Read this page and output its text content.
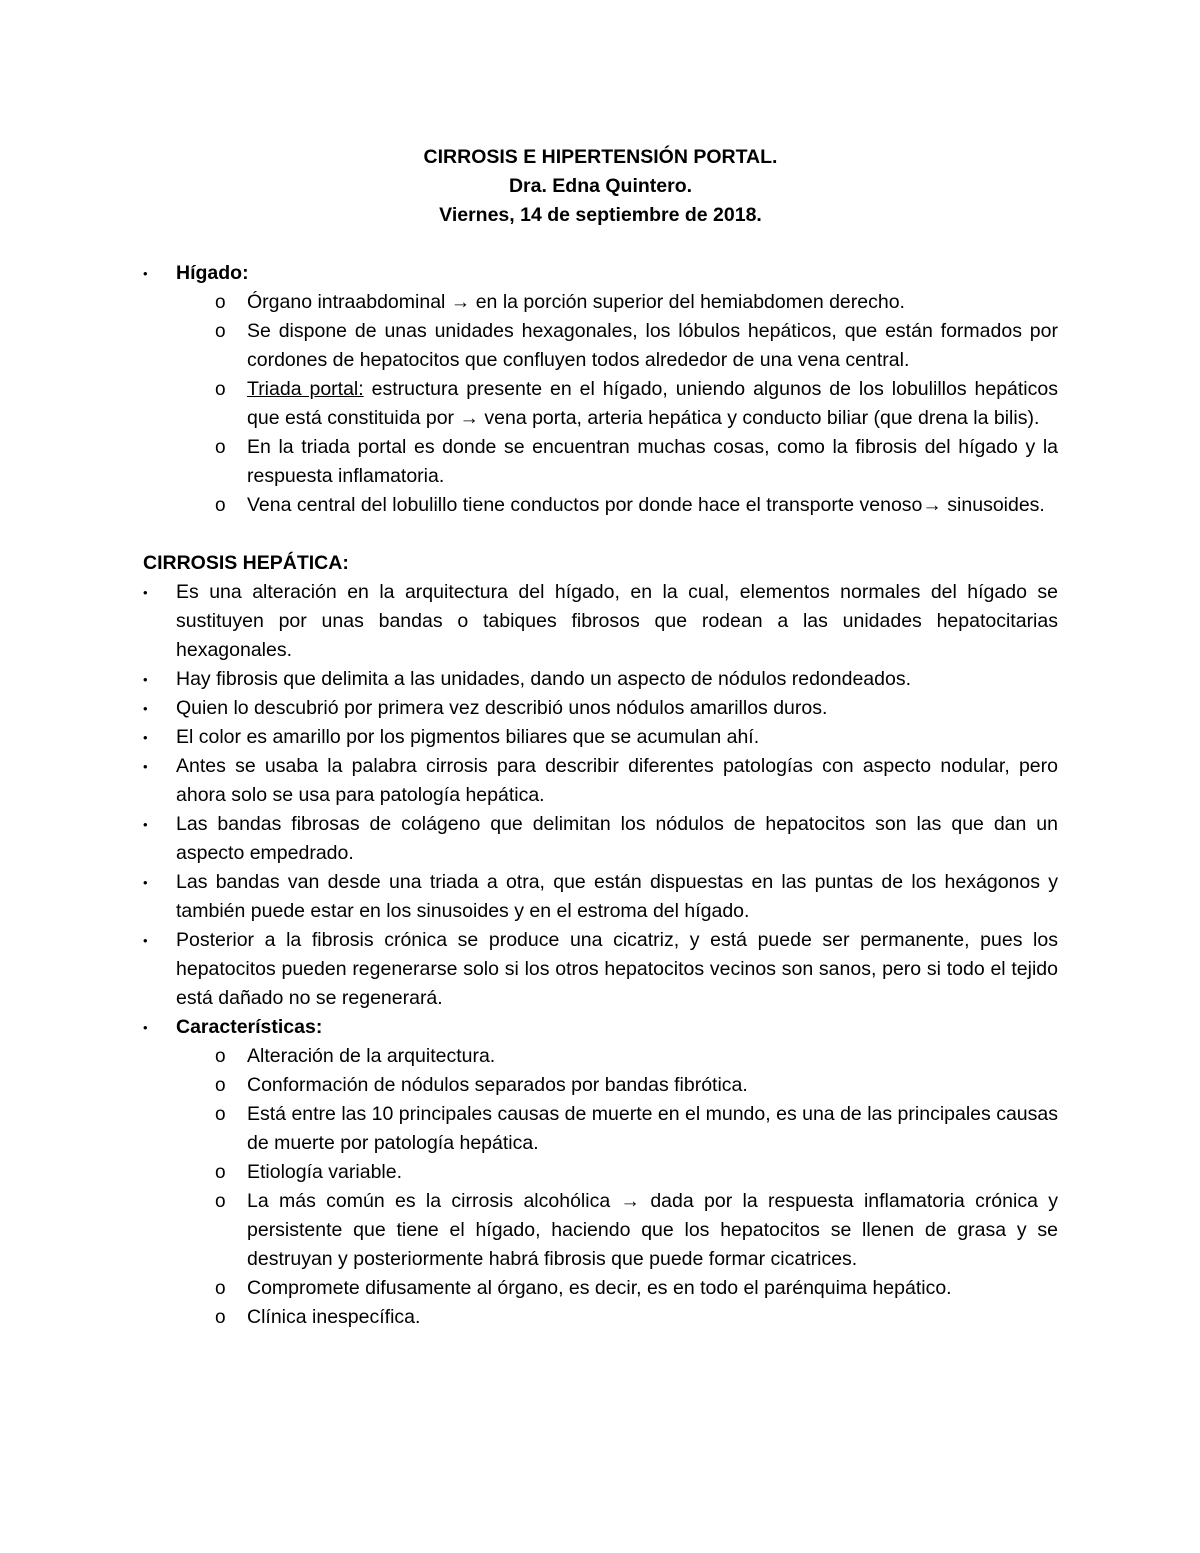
CIRROSIS E HIPERTENSIÓN PORTAL.
Dra. Edna Quintero.
Viernes, 14 de septiembre de 2018.
•	Hígado:
o	Órgano intraabdominal → en la porción superior del hemiabdomen derecho.
o	Se dispone de unas unidades hexagonales, los lóbulos hepáticos, que están formados por cordones de hepatocitos que confluyen todos alrededor de una vena central.
o	Triada portal: estructura presente en el hígado, uniendo algunos de los lobulillos hepáticos que está constituida por → vena porta, arteria hepática y conducto biliar (que drena la bilis).
o	En la triada portal es donde se encuentran muchas cosas, como la fibrosis del hígado y la respuesta inflamatoria.
o	Vena central del lobulillo tiene conductos por donde hace el transporte venoso→ sinusoides.
CIRROSIS HEPÁTICA:
•	Es una alteración en la arquitectura del hígado, en la cual, elementos normales del hígado se sustituyen por unas bandas o tabiques fibrosos que rodean a las unidades hepatocitarias hexagonales.
•	Hay fibrosis que delimita a las unidades, dando un aspecto de nódulos redondeados.
•	Quien lo descubrió por primera vez describió unos nódulos amarillos duros.
•	El color es amarillo por los pigmentos biliares que se acumulan ahí.
•	Antes se usaba la palabra cirrosis para describir diferentes patologías con aspecto nodular, pero ahora solo se usa para patología hepática.
•	Las bandas fibrosas de colágeno que delimitan los nódulos de hepatocitos son las que dan un aspecto empedrado.
•	Las bandas van desde una triada a otra, que están dispuestas en las puntas de los hexágonos y también puede estar en los sinusoides y en el estroma del hígado.
•	Posterior a la fibrosis crónica se produce una cicatriz, y está puede ser permanente, pues los hepatocitos pueden regenerarse solo si los otros hepatocitos vecinos son sanos, pero si todo el tejido está dañado no se regenerará.
•	Características:
o	Alteración de la arquitectura.
o	Conformación de nódulos separados por bandas fibrótica.
o	Está entre las 10 principales causas de muerte en el mundo, es una de las principales causas de muerte por patología hepática.
o	Etiología variable.
o	La más común es la cirrosis alcohólica → dada por la respuesta inflamatoria crónica y persistente que tiene el hígado, haciendo que los hepatocitos se llenen de grasa y se destruyan y posteriormente habrá fibrosis que puede formar cicatrices.
o	Compromete difusamente al órgano, es decir, es en todo el parénquima hepático.
o	Clínica inespecífica.
